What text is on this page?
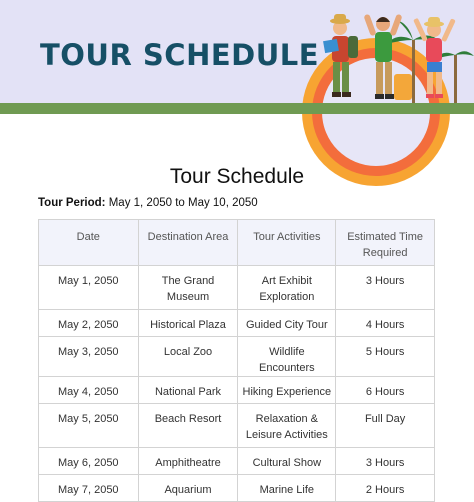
TOUR SCHEDULE
Tour Schedule
Tour Period: May 1, 2050 to May 10, 2050
Date	Destination Area	Tour Activities	Estimated Time Required
May 1, 2050	The Grand Museum	Art Exhibit Exploration	3 Hours
May 2, 2050	Historical Plaza	Guided City Tour	4 Hours
May 3, 2050	Local Zoo	Wildlife Encounters	5 Hours
May 4, 2050	National Park	Hiking Experience	6 Hours
May 5, 2050	Beach Resort	Relaxation & Leisure Activities	Full Day
May 6, 2050	Amphitheatre	Cultural Show	3 Hours
May 7, 2050	Aquarium	Marine Life	2 Hours
